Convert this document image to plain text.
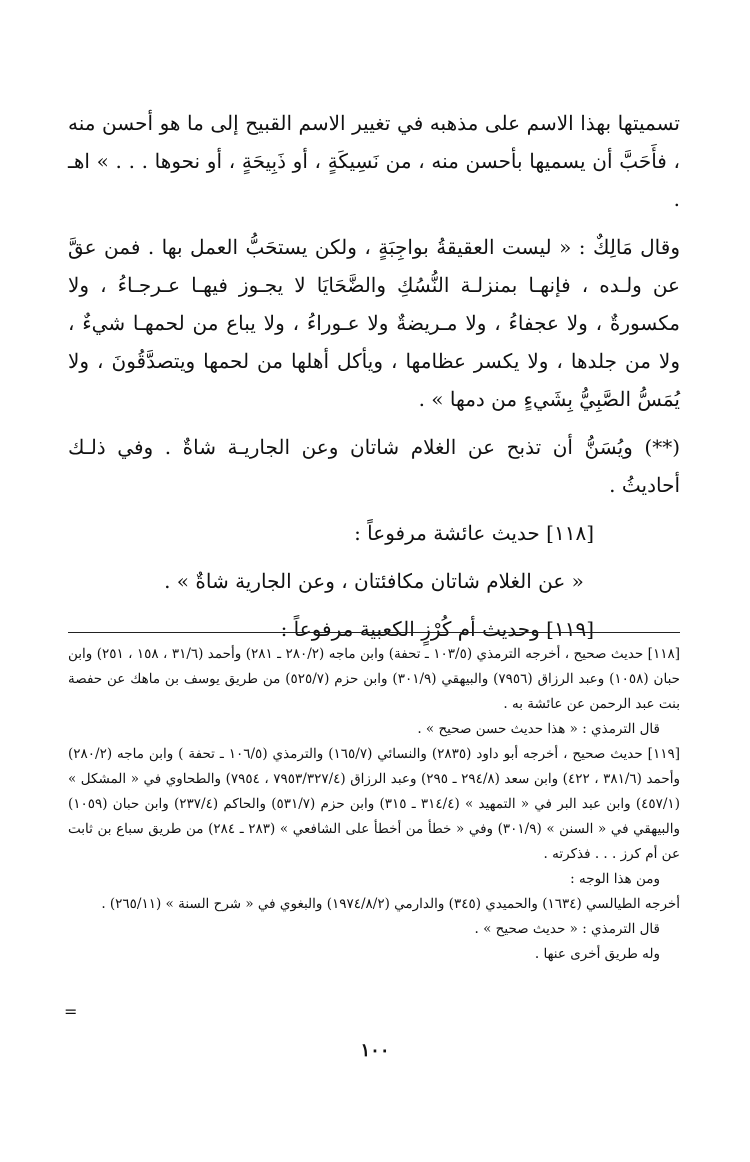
تسميتها بهذا الاسم على مذهبه في تغيير الاسم القبيح إلى ما هو أحسن منه ، فأَحَبَّ أن يسميها بأحسن منه ، من نَسِيكَةٍ ، أو ذَبِيحَةٍ ، أو نحوها . . . » اهـ .

وقال مَالِكٌ : « ليست العقيقةُ بواجِبَةٍ ، ولكن يستحَبُّ العمل بها . فمن عقَّ عن ولـده ، فإنهـا بمنزلـة النُّسُكِ والضَّحَايَا لا يجـوز فيهـا عـرجـاءُ ، ولا مكسورةٌ ، ولا عجفاءُ ، ولا مـريضةٌ ولا عـوراءُ ، ولا يباع من لحمهـا شيءٌ ، ولا من جلدها ، ولا يكسر عظامها ، ويأكل أهلها من لحمها ويتصدَّقُونَ ، ولا يُمَسُّ الصَّبِيُّ بِشَيءٍ من دمها » .

(**) ويُسَنُّ أن تذبح عن الغلام شاتان وعن الجاريـة شاةٌ . وفي ذلـك أحاديثُ .

[١١٨] حديث عائشة مرفوعاً :

« عن الغلام شاتان مكافئتان ، وعن الجارية شاةٌ » .

[١١٩] وحديث أم كُرْزٍ الكعبية مرفوعاً :

[١١٨] حديث صحيح ، أخرجه الترمذي (١٠٣/٥ ـ تحفة) وابن ماجه (٢٨٠/٢ ـ ٢٨١) وأحمد (٣١/٦ ، ١٥٨ ، ٢٥١) وابن حبان (١٠٥٨) وعبد الرزاق (٧٩٥٦) والبيهقي (٣٠١/٩) وابن حزم (٥٢٥/٧) من طريق يوسف بن ماهك عن حفصة بنت عبد الرحمن عن عائشة به .

قال الترمذي : « هذا حديث حسن صحيح » .

[١١٩] حديث صحيح ، أخرجه أبو داود (٢٨٣٥) والنسائي (١٦٥/٧) والترمذي (١٠٦/٥ ـ تحفة ) وابن ماجه (٢٨٠/٢) وأحمد (٣٨١/٦ ، ٤٢٢) وابن سعد (٢٩٤/٨ ـ ٢٩٥) وعبد الرزاق (٧٩٥٣/٣٢٧/٤ ، ٧٩٥٤) والطحاوي في « المشكل » (٤٥٧/١) وابن عبد البر في « التمهيد » (٣١٤/٤ ـ ٣١٥) وابن حزم (٥٣١/٧) والحاكم (٢٣٧/٤) وابن حبان (١٠٥٩) والبيهقي في « السنن » (٣٠١/٩) وفي « خطأ من أخطأ على الشافعي » (٢٨٣ ـ ٢٨٤) من طريق سباع بن ثابت عن أم كرز . . . فذكرته .

ومن هذا الوجه :

أخرجه الطيالسي (١٦٣٤) والحميدي (٣٤٥) والدارمي (١٩٧٤/٨/٢) والبغوي في « شرح السنة » (٢٦٥/١١) .

قال الترمذي : « حديث صحيح » .

وله طريق أخرى عنها .

=
١٠٠
